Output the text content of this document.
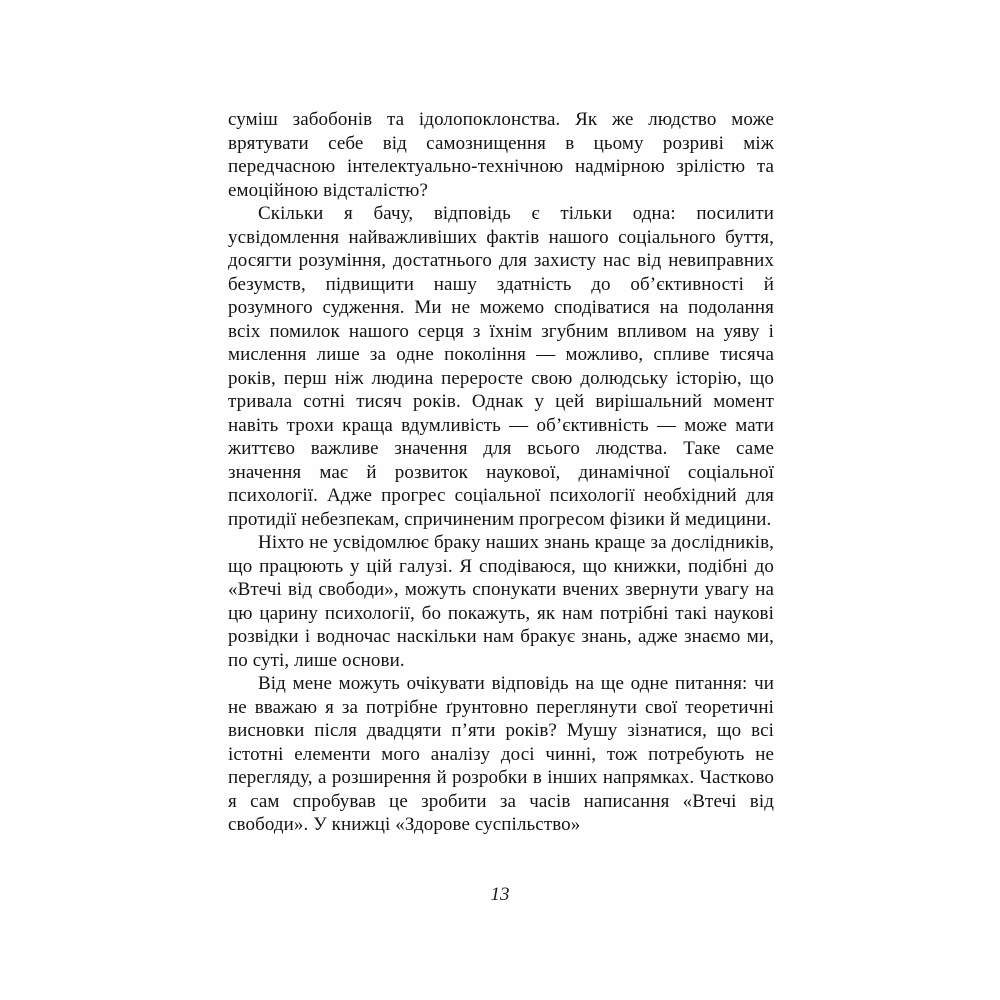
суміш забобонів та ідолопоклонства. Як же людство може врятувати себе від самознищення в цьому розриві між передчасною інтелектуально-технічною надмірною зрілістю та емоційною відсталістю?

Скільки я бачу, відповідь є тільки одна: посилити усвідомлення найважливіших фактів нашого соціального буття, досягти розуміння, достатнього для захисту нас від невиправних безумств, підвищити нашу здатність до об’єктивності й розумного судження. Ми не можемо сподіватися на подолання всіх помилок нашого серця з їхнім згубним впливом на уяву і мислення лише за одне покоління — можливо, спливе тисяча років, перш ніж людина переросте свою долюдську історію, що тривала сотні тисяч років. Однак у цей вирішальний момент навіть трохи краща вдумливість — об’єктивність — може мати життєво важливе значення для всього людства. Таке саме значення має й розвиток наукової, динамічної соціальної психології. Адже прогрес соціальної психології необхідний для протидії небезпекам, спричиненим прогресом фізики й медицини.

Ніхто не усвідомлює браку наших знань краще за дослідників, що працюють у цій галузі. Я сподіваюся, що книжки, подібні до «Втечі від свободи», можуть спонукати вчених звернути увагу на цю царину психології, бо покажуть, як нам потрібні такі наукові розвідки і водночас наскільки нам бракує знань, адже знаємо ми, по суті, лише основи.

Від мене можуть очікувати відповідь на ще одне питання: чи не вважаю я за потрібне ґрунтовно переглянути свої теоретичні висновки після двадцяти п’яти років? Мушу зізнатися, що всі істотні елементи мого аналізу досі чинні, тож потребують не перегляду, а розширення й розробки в інших напрямках. Частково я сам спробував це зробити за часів написання «Втечі від свободи». У книжці «Здорове суспільство»

13
